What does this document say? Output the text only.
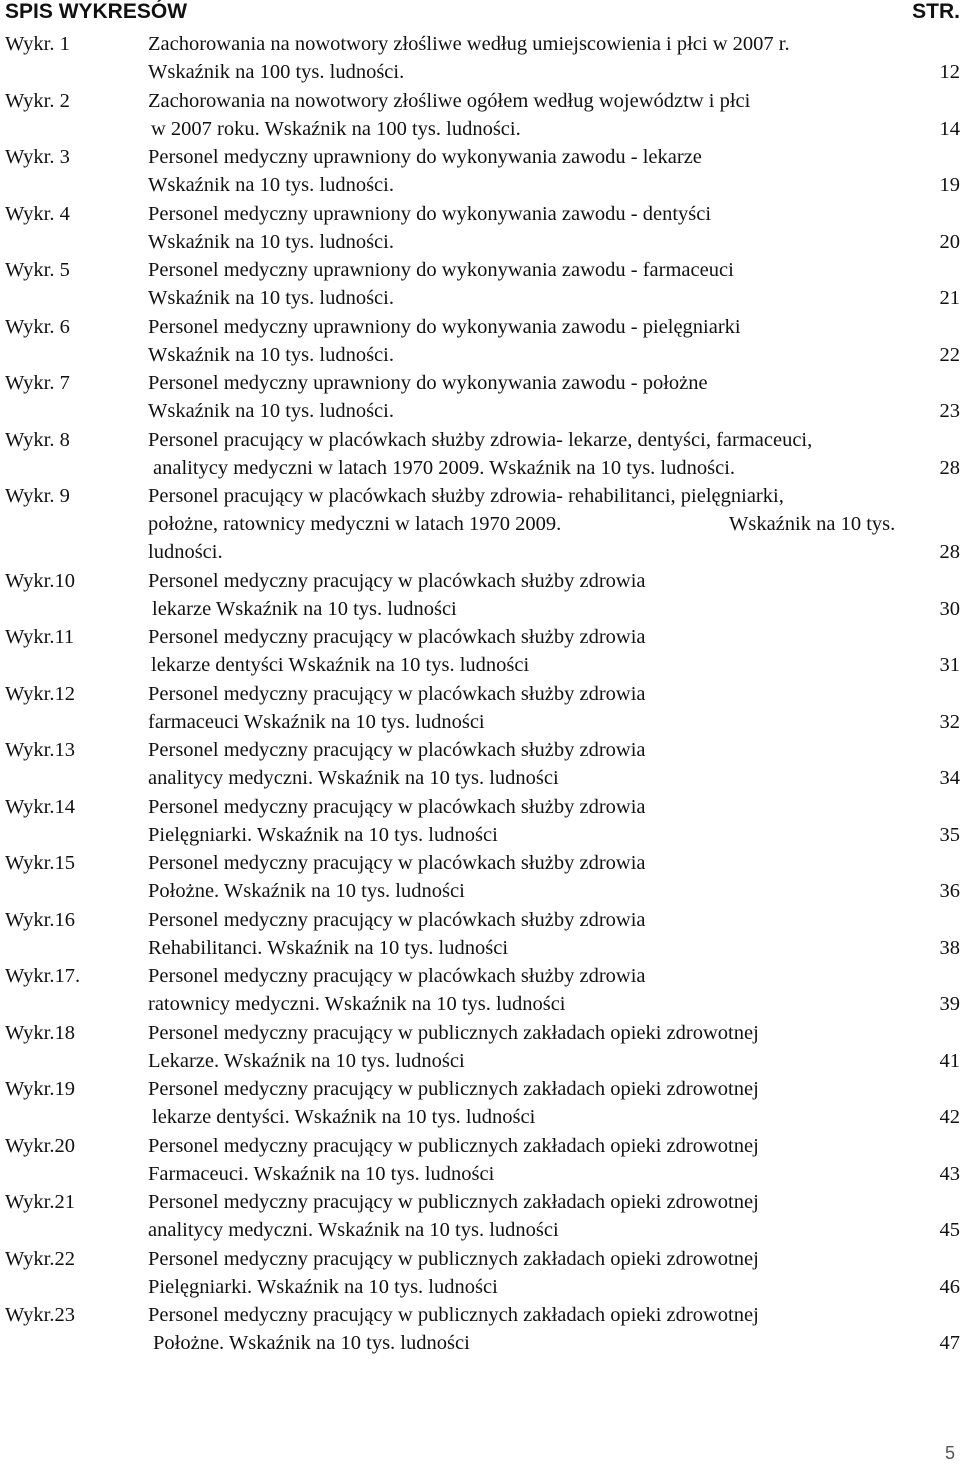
SPIS WYKRESÓW	STR.
Wykr. 1	Zachorowania na nowotwory złośliwe według umiejscowienia i płci w 2007 r.
Wskaźnik na 100 tys. ludności.	12
Wykr. 2	Zachorowania na nowotwory złośliwe ogółem według województw i płci
w 2007 roku. Wskaźnik na 100 tys. ludności.	14
Wykr. 3	Personel medyczny uprawniony do wykonywania zawodu - lekarze
Wskaźnik na 10 tys. ludności.	19
Wykr. 4	Personel medyczny uprawniony do wykonywania zawodu - dentyści
Wskaźnik na 10 tys. ludności.	20
Wykr. 5	Personel medyczny uprawniony do wykonywania zawodu - farmaceuci
Wskaźnik na 10 tys. ludności.	21
Wykr. 6	Personel medyczny uprawniony do wykonywania zawodu - pielęgniarki
Wskaźnik na 10 tys. ludności.	22
Wykr. 7	Personel medyczny uprawniony do wykonywania zawodu - położne
Wskaźnik na 10 tys. ludności.	23
Wykr. 8	Personel pracujący w placówkach służby zdrowia- lekarze, dentyści, farmaceuci,
analitycy medyczni w latach 1970 2009. Wskaźnik na 10 tys. ludności.	28
Wykr. 9	Personel pracujący w placówkach służby zdrowia- rehabilitanci, pielęgniarki,
położne, ratownicy medyczni w latach 1970 2009.	Wskaźnik na 10 tys.
ludności.	28
Wykr.10	Personel medyczny pracujący w placówkach służby zdrowia
lekarze Wskaźnik na 10 tys. ludności	30
Wykr.11	Personel medyczny pracujący w placówkach służby zdrowia
lekarze dentyści Wskaźnik na 10 tys. ludności	31
Wykr.12	Personel medyczny pracujący w placówkach służby zdrowia
farmaceuci Wskaźnik na 10 tys. ludności	32
Wykr.13	Personel medyczny pracujący w placówkach służby zdrowia
analitycy medyczni. Wskaźnik na 10 tys. ludności	34
Wykr.14	Personel medyczny pracujący w placówkach służby zdrowia
Pielęgniarki. Wskaźnik na 10 tys. ludności	35
Wykr.15	Personel medyczny pracujący w placówkach służby zdrowia
Położne. Wskaźnik na 10 tys. ludności	36
Wykr.16	Personel medyczny pracujący w placówkach służby zdrowia
Rehabilitanci. Wskaźnik na 10 tys. ludności	38
Wykr.17.	Personel medyczny pracujący w placówkach służby zdrowia
ratownicy medyczni. Wskaźnik na 10 tys. ludności	39
Wykr.18	Personel medyczny pracujący w publicznych zakładach opieki zdrowotnej
Lekarze. Wskaźnik na 10 tys. ludności	41
Wykr.19	Personel medyczny pracujący w publicznych zakładach opieki zdrowotnej
lekarze dentyści. Wskaźnik na 10 tys. ludności	42
Wykr.20	Personel medyczny pracujący w publicznych zakładach opieki zdrowotnej
Farmaceuci. Wskaźnik na 10 tys. ludności	43
Wykr.21	Personel medyczny pracujący w publicznych zakładach opieki zdrowotnej
analitycy medyczni. Wskaźnik na 10 tys. ludności	45
Wykr.22	Personel medyczny pracujący w publicznych zakładach opieki zdrowotnej
Pielęgniarki. Wskaźnik na 10 tys. ludności	46
Wykr.23	Personel medyczny pracujący w publicznych zakładach opieki zdrowotnej
Położne. Wskaźnik na 10 tys. ludności	47
5
